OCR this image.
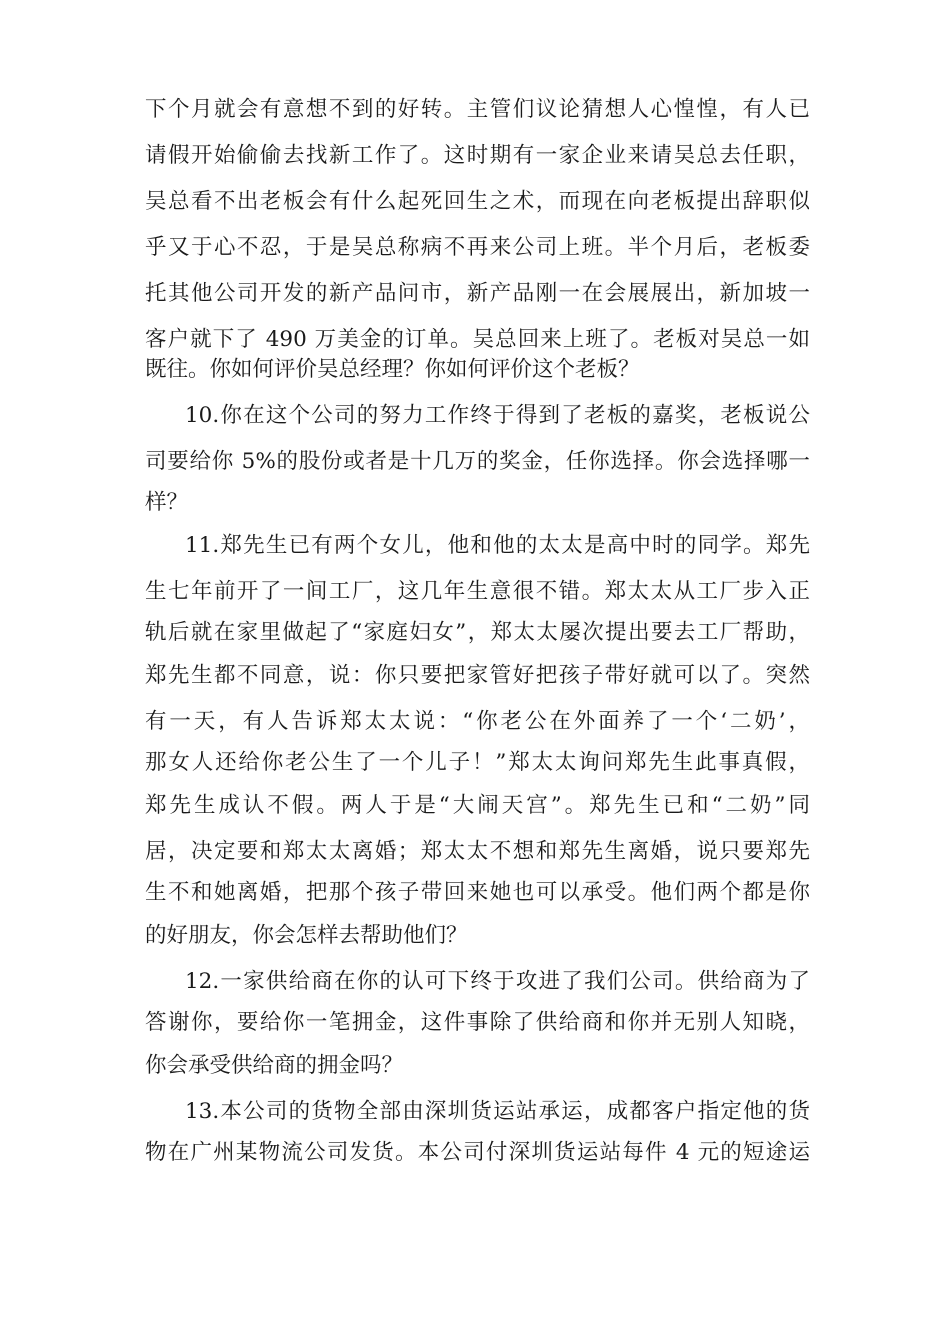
下个月就会有意想不到的好转。主管们议论猜想人心惶惶，有人已
请假开始偷偷去找新工作了。这时期有一家企业来请吴总去任职，
吴总看不出老板会有什么起死回生之术，而现在向老板提出辞职似
乎又于心不忍，于是吴总称病不再来公司上班。半个月后，老板委
托其他公司开发的新产品问市，新产品刚一在会展展出，新加坡一
客户就下了 490 万美金的订单。吴总回来上班了。老板对吴总一如
既往。你如何评价吴总经理？你如何评价这个老板？
10.你在这个公司的努力工作终于得到了老板的嘉奖，老板说公
司要给你 5%的股份或者是十几万的奖金，任你选择。你会选择哪一
样？
11.郑先生已有两个女儿，他和他的太太是高中时的同学。郑先
生七年前开了一间工厂，这几年生意很不错。郑太太从工厂步入正
轨后就在家里做起了“家庭妇女”，郑太太屡次提出要去工厂帮助，
郑先生都不同意，说：你只要把家管好把孩子带好就可以了。突然
有一天，有人告诉郑太太说：“你老公在外面养了一个‘二奶’，
那女人还给你老公生了一个儿子！”郑太太询问郑先生此事真假，
郑先生成认不假。两人于是“大闹天宫”。郑先生已和“二奶”同
居，决定要和郑太太离婚；郑太太不想和郑先生离婚，说只要郑先
生不和她离婚，把那个孩子带回来她也可以承受。他们两个都是你
的好朋友，你会怎样去帮助他们？
12.一家供给商在你的认可下终于攻进了我们公司。供给商为了
答谢你，要给你一笔拥金，这件事除了供给商和你并无别人知晓，
你会承受供给商的拥金吗？
13.本公司的货物全部由深圳货运站承运，成都客户指定他的货
物在广州某物流公司发货。本公司付深圳货运站每件 4 元的短途运
